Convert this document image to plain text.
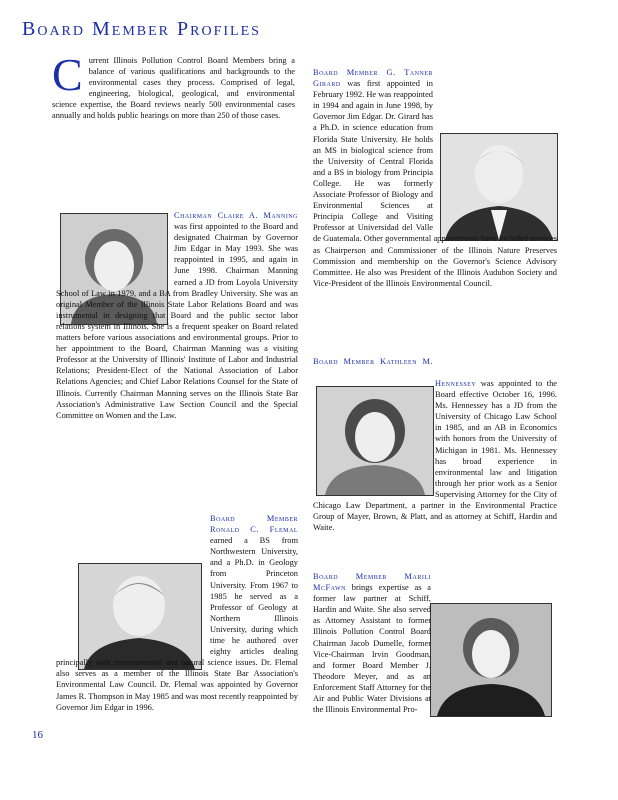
Board Member Profiles
Current Illinois Pollution Control Board Members bring a balance of various qualifications and backgrounds to the environmental cases they process. Comprised of legal, engineering, biological, geological, and environmental science expertise, the Board reviews nearly 500 environmental cases annually and holds public hearings on more than 250 of those cases.
Chairman Claire A. Manning was first appointed to the Board and designated Chairman by Governor Jim Edgar in May 1993. She was reappointed in 1995, and again in June 1998. Chairman Manning earned a JD from Loyola University School of Law in 1979, and a BA from Bradley University. She was an original Member of the Illinois State Labor Relations Board and was instrumental in designing that Board and the public sector labor relations system in Illinois. She is a frequent speaker on Board related matters before various associations and environmental groups. Prior to her appointment to the Board, Chairman Manning was a visiting Professor at the University of Illinois' Institute of Labor and Industrial Relations; President-Elect of the National Association of Labor Relations Agencies; and Chief Labor Relations Counsel for the State of Illinois. Currently Chairman Manning serves on the Illinois State Bar Association's Administrative Law Section Council and the Special Committee on Women and the Law.
Board Member Ronald C. Flemal earned a BS from Northwestern University, and a Ph.D. in Geology from Princeton University. From 1967 to 1985 he served as a Professor of Geology at Northern Illinois University, during which time he authored over eighty articles dealing principally with environmental and natural science issues. Dr. Flemal also serves as a member of the Illinois State Bar Association's Environmental Law Council. Dr. Flemal was appointed by Governor James R. Thompson in May 1985 and was most recently reappointed by Governor Jim Edgar in 1996.
Board Member G. Tanner Girard was first appointed in February 1992. He was reappointed in 1994 and again in June 1998, by Governor Jim Edgar. Dr. Girard has a Ph.D. in science education from Florida State University. He holds an MS in biological science from the University of Central Florida and a BS in biology from Principia College. He was formerly Associate Professor of Biology and Environmental Sciences at Principia College and Visiting Professor at Universidad del Valle de Guatemala. Other governmental appointments have included services as Chairperson and Commissioner of the Illinois Nature Preserves Commission and membership on the Governor's Science Advisory Committee. He also was President of the Illinois Audubon Society and Vice-President of the Illinois Environmental Council.
Board Member Kathleen M. Hennessey was appointed to the Board effective October 16, 1996. Ms. Hennessey has a JD from the University of Chicago Law School in 1985, and an AB in Economics with honors from the University of Michigan in 1981. Ms. Hennessey has broad experience in environmental law and litigation through her prior work as a Senior Supervising Attorney for the City of Chicago Law Department, a partner in the Environmental Practice Group of Mayer, Brown, & Platt, and as attorney at Schiff, Hardin and Waite.
Board Member Marili McFawn brings expertise as a former law partner at Schiff, Hardin and Waite. She also served as Attorney Assistant to former Illinois Pollution Control Board Chairman Jacob Dumelle, former Vice-Chairman Irvin Goodman, and former Board Member J. Theodore Meyer, and as an Enforcement Staff Attorney for the Air and Public Water Divisions at the Illinois Environmental Pro-
16
